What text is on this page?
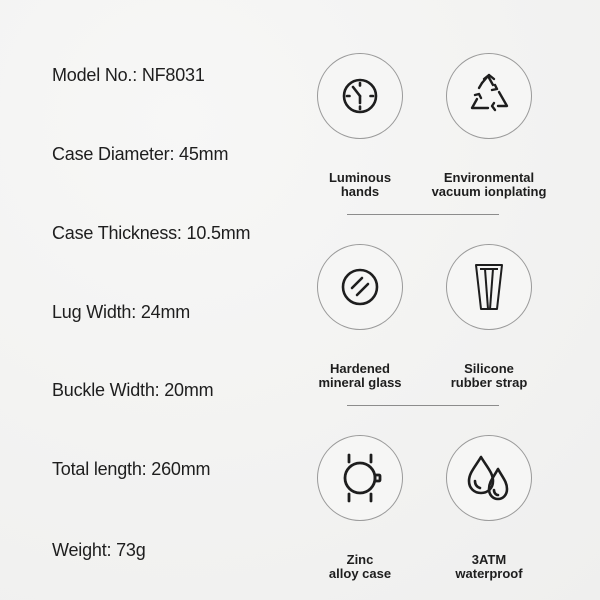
Model No.: NF8031
Case Diameter: 45mm
Case Thickness: 10.5mm
Lug Width: 24mm
Buckle Width: 20mm
Total length: 260mm
Weight: 73g
Luminous
hands
Environmental
vacuum ionplating
Hardened
mineral glass
Silicone
rubber strap
Zinc
alloy case
3ATM
waterproof
